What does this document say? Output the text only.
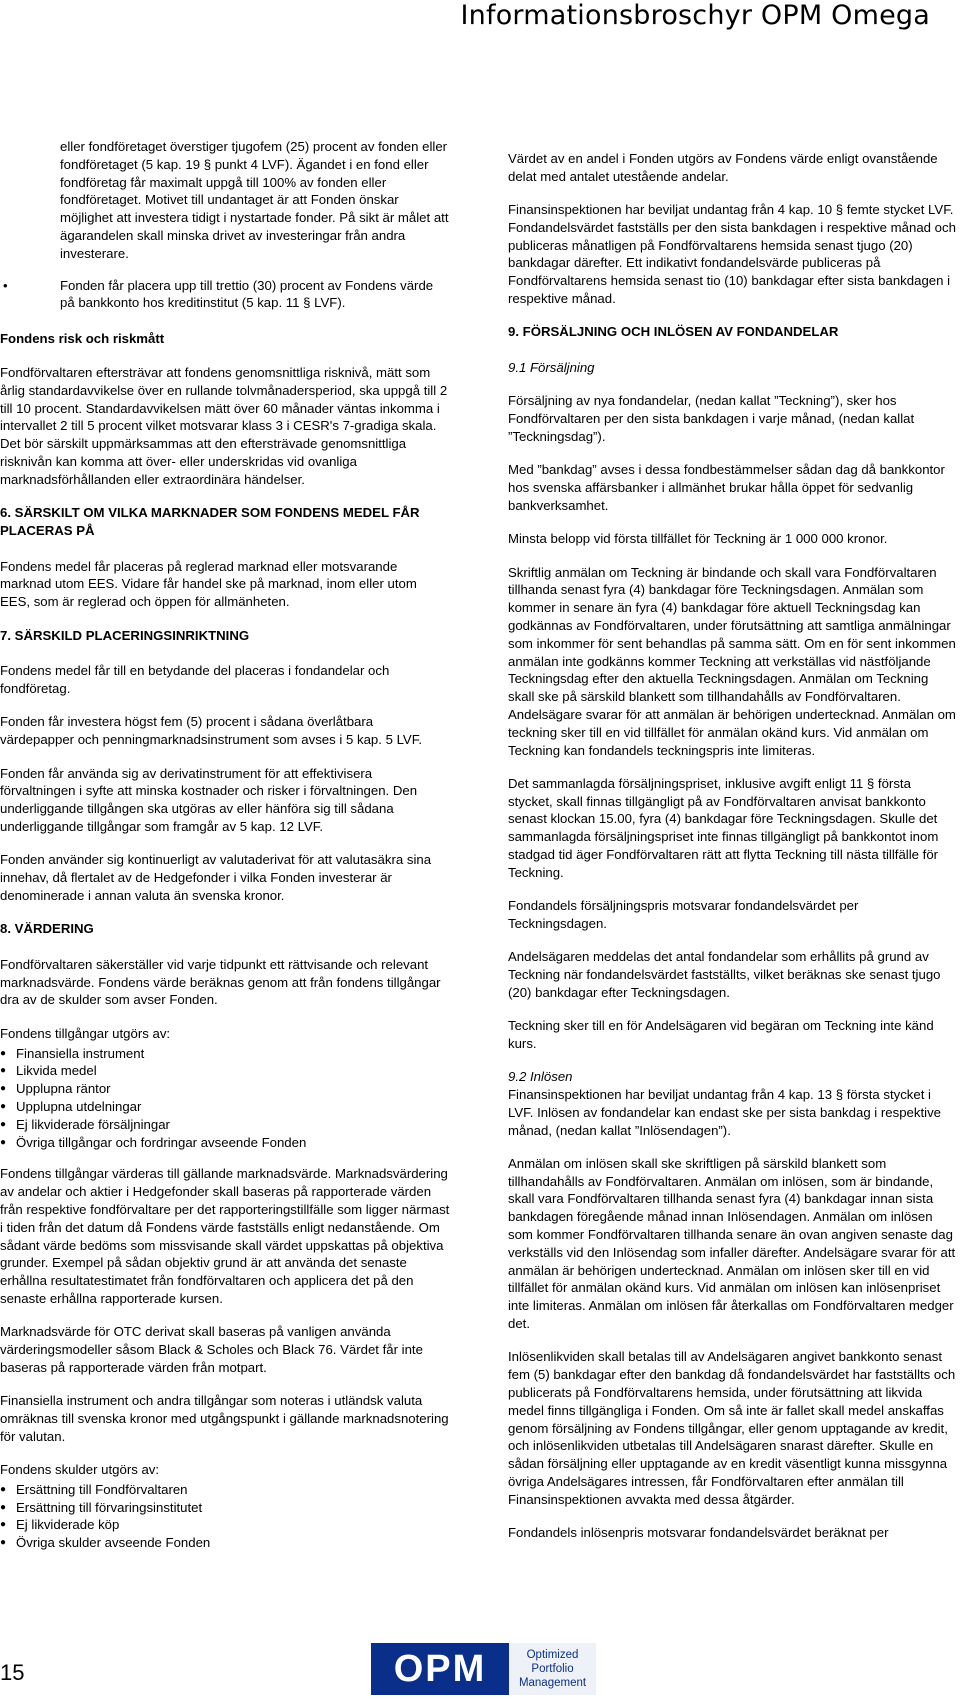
Informationsbroschyr OPM Omega

eller fondföretaget överstiger tjugofem (25) procent av fonden eller fondföretaget (5 kap. 19 § punkt 4 LVF). Ägandet i en fond eller fondföretag får maximalt uppgå till 100% av fonden eller fondföretaget. Motivet till undantaget är att Fonden önskar möjlighet att investera tidigt i nystartade fonder. På sikt är målet att ägarandelen skall minska drivet av investeringar från andra investerare.

•	Fonden får placera upp till trettio (30) procent av Fondens värde på bankkonto hos kreditinstitut (5 kap. 11 § LVF).

Fondens risk och riskmått

Fondförvaltaren eftersträvar att fondens genomsnittliga risknivå, mätt som årlig standardavvikelse över en rullande tolvmånadersperiod, ska uppgå till 2 till 10 procent. Standardavvikelsen mätt över 60 månader väntas inkomma i intervallet 2 till 5 procent vilket motsvarar klass 3 i CESR's 7-gradiga skala. Det bör särskilt uppmärksammas att den eftersträvade genomsnittliga risknivån kan komma att över- eller underskridas vid ovanliga marknadsförhållanden eller extraordinära händelser.

6. SÄRSKILT OM VILKA MARKNADER SOM FONDENS MEDEL FÅR PLACERAS PÅ

Fondens medel får placeras på reglerad marknad eller motsvarande marknad utom EES. Vidare får handel ske på marknad, inom eller utom EES, som är reglerad och öppen för allmänheten.

7. SÄRSKILD PLACERINGSINRIKTNING

Fondens medel får till en betydande del placeras i fondandelar och fondföretag.

Fonden får investera högst fem (5) procent i sådana överlåtbara värdepapper och penningmarknadsinstrument som avses i 5 kap. 5 LVF.

Fonden får använda sig av derivatinstrument för att effektivisera förvaltningen i syfte att minska kostnader och risker i förvaltningen. Den underliggande tillgången ska utgöras av eller hänföra sig till sådana underliggande tillgångar som framgår av 5 kap. 12 LVF.

Fonden använder sig kontinuerligt av valutaderivat för att valutasäkra sina innehav, då flertalet av de Hedgefonder i vilka Fonden investerar är denominerade i annan valuta än svenska kronor.

8. VÄRDERING

Fondförvaltaren säkerställer vid varje tidpunkt ett rättvisande och relevant marknadsvärde. Fondens värde beräknas genom att från fondens tillgångar dra av de skulder som avser Fonden.

Fondens tillgångar utgörs av:

● Finansiella instrument
● Likvida medel
● Upplupna räntor
● Upplupna utdelningar
● Ej likviderade försäljningar
● Övriga tillgångar och fordringar avseende Fonden

Fondens tillgångar värderas till gällande marknadsvärde. Marknadsvärdering av andelar och aktier i Hedgefonder skall baseras på rapporterade värden från respektive fondförvaltare per det rapporteringstillfälle som ligger närmast i tiden från det datum då Fondens värde fastställs enligt nedanstående. Om sådant värde bedöms som missvisande skall värdet uppskattas på objektiva grunder. Exempel på sådan objektiv grund är att använda det senaste erhållna resultatestimatet från fondförvaltaren och applicera det på den senaste erhållna rapporterade kursen.

Marknadsvärde för OTC derivat skall baseras på vanligen använda värderingsmodeller såsom Black & Scholes och Black 76. Värdet får inte baseras på rapporterade värden från motpart.

Finansiella instrument och andra tillgångar som noteras i utländsk valuta omräknas till svenska kronor med utgångspunkt i gällande marknadsnotering för valutan.

Fondens skulder utgörs av:

● Ersättning till Fondförvaltaren
● Ersättning till förvaringsinstitutet
● Ej likviderade köp
● Övriga skulder avseende Fonden

Värdet av en andel i Fonden utgörs av Fondens värde enligt ovanstående delat med antalet utestående andelar.

Finansinspektionen har beviljat undantag från 4 kap. 10 § femte stycket LVF. Fondandelsvärdet fastställs per den sista bankdagen i respektive månad och publiceras månatligen på Fondförvaltarens hemsida senast tjugo (20) bankdagar därefter. Ett indikativt fondandelsvärde publiceras på Fondförvaltarens hemsida senast tio (10) bankdagar efter sista bankdagen i respektive månad.

9. FÖRSÄLJNING OCH INLÖSEN AV FONDANDELAR

9.1 Försäljning

Försäljning av nya fondandelar, (nedan kallat ”Teckning”), sker hos Fondförvaltaren per den sista bankdagen i varje månad, (nedan kallat ”Teckningsdag”).

Med ”bankdag” avses i dessa fondbestämmelser sådan dag då bankkontor hos svenska affärsbanker i allmänhet brukar hålla öppet för sedvanlig bankverksamhet.

Minsta belopp vid första tillfället för Teckning är 1 000 000 kronor.

Skriftlig anmälan om Teckning är bindande och skall vara Fondförvaltaren tillhanda senast fyra (4) bankdagar före Teckningsdagen. Anmälan som kommer in senare än fyra (4) bankdagar före aktuell Teckningsdag kan godkännas av Fondförvaltaren, under förutsättning att samtliga anmälningar som inkommer för sent behandlas på samma sätt. Om en för sent inkommen anmälan inte godkänns kommer Teckning att verkställas vid nästföljande Teckningsdag efter den aktuella Teckningsdagen. Anmälan om Teckning skall ske på särskild blankett som tillhandahålls av Fondförvaltaren. Andelsägare svarar för att anmälan är behörigen undertecknad. Anmälan om teckning sker till en vid tillfället för anmälan okänd kurs. Vid anmälan om Teckning kan fondandels teckningspris inte limiteras.

Det sammanlagda försäljningspriset, inklusive avgift enligt 11 § första stycket, skall finnas tillgängligt på av Fondförvaltaren anvisat bankkonto senast klockan 15.00, fyra (4) bankdagar före Teckningsdagen. Skulle det sammanlagda försäljningspriset inte finnas tillgängligt på bankkontot inom stadgad tid äger Fondförvaltaren rätt att flytta Teckning till nästa tillfälle för Teckning.

Fondandels försäljningspris motsvarar fondandelsvärdet per Teckningsdagen.

Andelsägaren meddelas det antal fondandelar som erhållits på grund av Teckning när fondandelsvärdet fastställts, vilket beräknas ske senast tjugo (20) bankdagar efter Teckningsdagen.

Teckning sker till en för Andelsägaren vid begäran om Teckning inte känd kurs.

9.2 Inlösen

Finansinspektionen har beviljat undantag från 4 kap. 13 § första stycket i LVF. Inlösen av fondandelar kan endast ske per sista bankdag i respektive månad, (nedan kallat ”Inlösendagen”).

Anmälan om inlösen skall ske skriftligen på särskild blankett som tillhandahålls av Fondförvaltaren. Anmälan om inlösen, som är bindande, skall vara Fondförvaltaren tillhanda senast fyra (4) bankdagar innan sista bankdagen föregående månad innan Inlösendagen. Anmälan om inlösen som kommer Fondförvaltaren tillhanda senare än ovan angiven senaste dag verkställs vid den Inlösendag som infaller därefter. Andelsägare svarar för att anmälan är behörigen undertecknad. Anmälan om inlösen sker till en vid tillfället för anmälan okänd kurs. Vid anmälan om inlösen kan inlösenpriset inte limiteras. Anmälan om inlösen får återkallas om Fondförvaltaren medger det.

Inlösenlikviden skall betalas till av Andelsägaren angivet bankkonto senast fem (5) bankdagar efter den bankdag då fondandelsvärdet har fastställts och publicerats på Fondförvaltarens hemsida, under förutsättning att likvida medel finns tillgängliga i Fonden. Om så inte är fallet skall medel anskaffas genom försäljning av Fondens tillgångar, eller genom upptagande av kredit, och inlösenlikviden utbetalas till Andelsägaren snarast därefter. Skulle en sådan försäljning eller upptagande av en kredit väsentligt kunna missgynna övriga Andelsägares intressen, får Fondförvaltaren efter anmälan till Finansinspektionen avvakta med dessa åtgärder.

Fondandels inlösenpris motsvarar fondandelsvärdet beräknat per

15	OPM	Optimized
Portfolio
Management
